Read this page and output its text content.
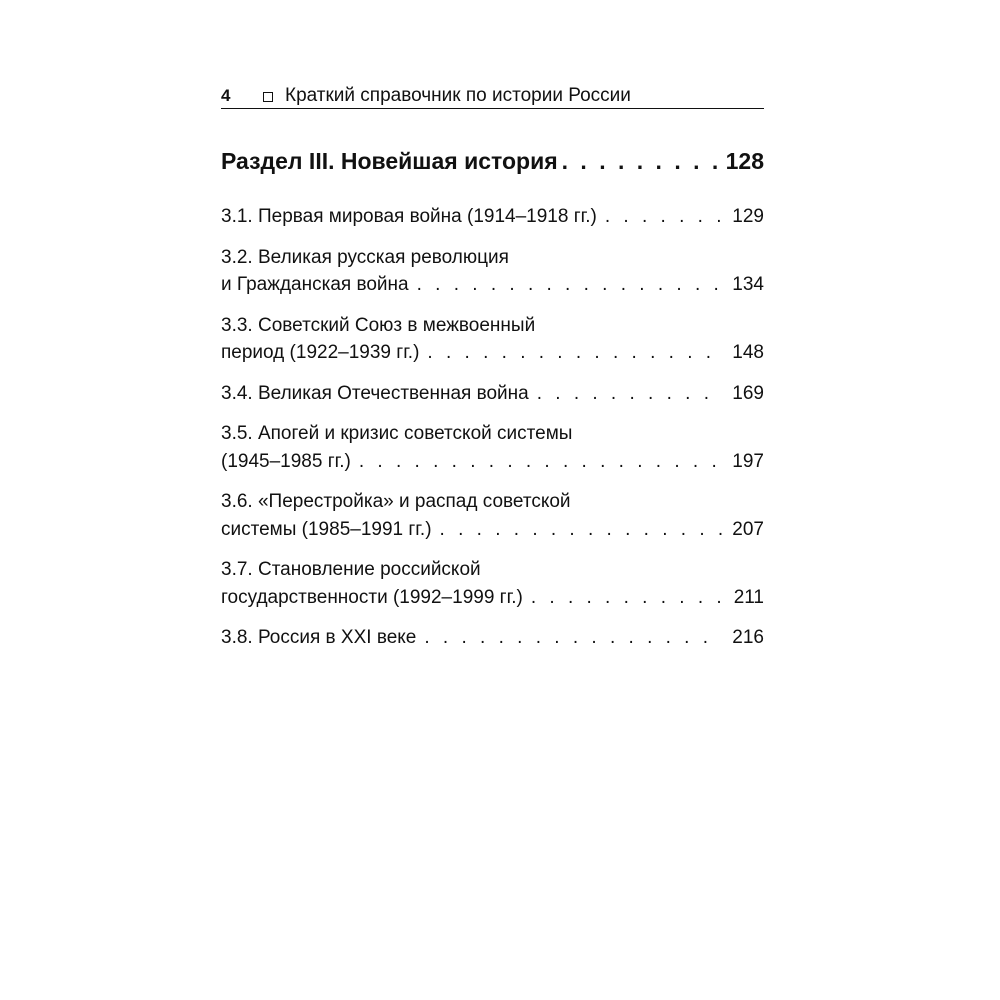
4	Краткий справочник по истории России
Раздел III. Новейшая история . . .	128
3.1. Первая мировая война (1914–1918 гг.) . . .	129
3.2. Великая русская революция
и Гражданская война . . .	134
3.3. Советский Союз в межвоенный
период (1922–1939 гг.) . . .	148
3.4. Великая Отечественная война . . .	169
3.5. Апогей и кризис советской системы
(1945–1985 гг.) . . .	197
3.6. «Перестройка» и распад советской
системы (1985–1991 гг.) . . .	207
3.7. Становление российской
государственности (1992–1999 гг.) . . .	211
3.8. Россия в XXI веке . . .	216
